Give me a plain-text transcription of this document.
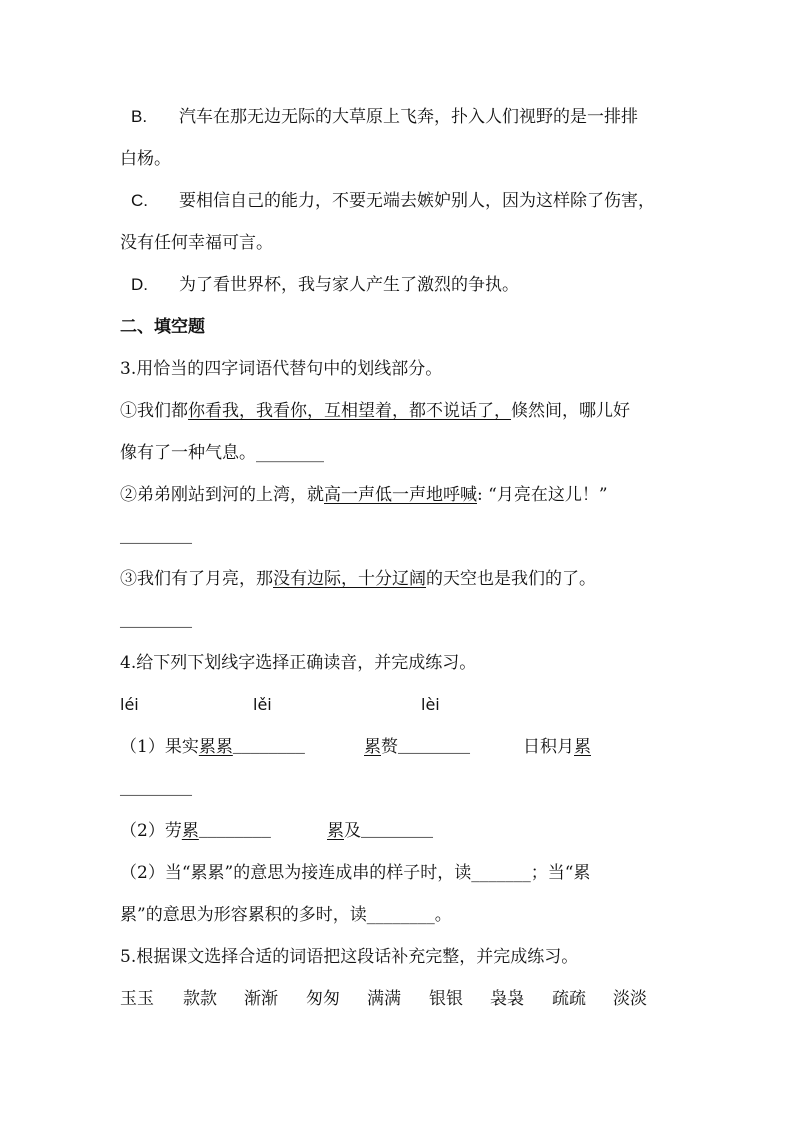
B. 汽车在那无边无际的大草原上飞奔，扑入人们视野的是一排排
白杨。
C. 要相信自己的能力，不要无端去嫉妒别人，因为这样除了伤害，
没有任何幸福可言。
D. 为了看世界杯，我与家人产生了激烈的争执。
二、填空题
3.用恰当的四字词语代替句中的划线部分。
①我们都你看我，我看你，互相望着，都不说话了，倏然间，哪儿好
像有了一种气息。________
②弟弟刚站到河的上湾，就高一声低一声地呼喊: “月亮在这儿！”
________
③我们有了月亮，那没有边际，十分辽阔的天空也是我们的了。
________
4.给下列下划线字选择正确读音，并完成练习。
léi	lěi	lèi
（1）果实累累________	累赘________	日积月累
________
（2）劳累________	累及________
（2）当“累累”的意思为接连成串的样子时，读_______；当“累
累”的意思为形容累积的多时，读________。
5.根据课文选择合适的词语把这段话补充完整，并完成练习。
玉玉 款款 渐渐 匆匆 满满 银银 袅袅 疏疏 淡淡
